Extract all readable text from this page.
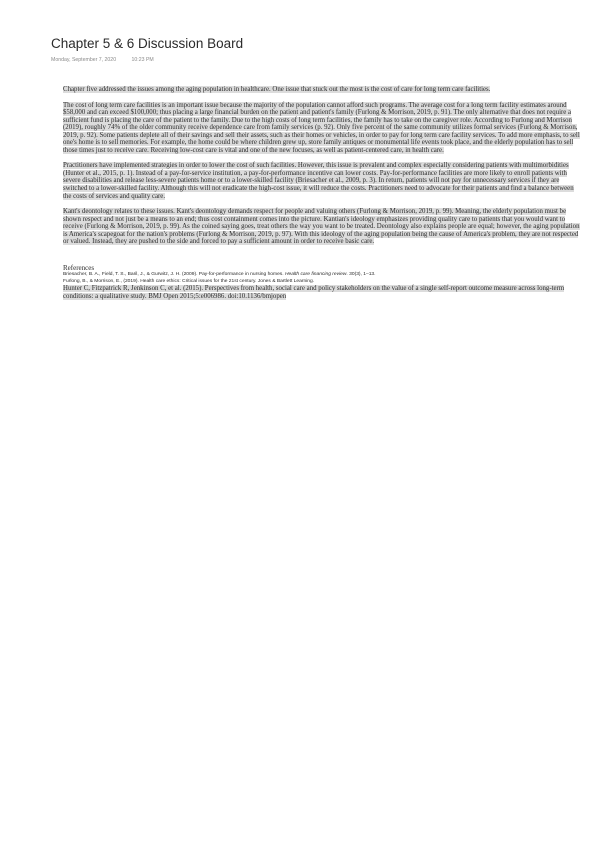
Chapter 5 & 6 Discussion Board
Monday, September 7, 2020	10:23 PM

Chapter five addressed the issues among the aging population in healthcare. One issue that stuck out the most is the cost of care for long term care facilities.

The cost of long term care facilities is an important issue because the majority of the population cannot afford such programs. The average cost for a long term facility estimates around $58,000 and can exceed $100,000; thus placing a large financial burden on the patient and patient's family (Furlong & Morrison, 2019, p. 91). The only alternative that does not require a sufficient fund is placing the care of the patient to the family. Due to the high costs of long term facilities, the family has to take on the caregiver role. According to Furlong and Morrison (2019), roughly 74% of the older community receive dependence care from family services (p. 92). Only five percent of the same community utilizes formal services (Furlong & Morrison, 2019, p. 92). Some patients deplete all of their savings and sell their assets, such as their homes or vehicles, in order to pay for long term care facility services. To add more emphasis, to sell one's home is to sell memories. For example, the home could be where children grew up, store family antiques or monumental life events took place, and the elderly population has to sell those times just to receive care. Receiving low-cost care is vital and one of the new focuses, as well as patient-centered care, in health care.

Practitioners have implemented strategies in order to lower the cost of such facilities. However, this issue is prevalent and complex especially considering patients with multimorbidities (Hunter et al., 2015, p. 1). Instead of a pay-for-service institution, a pay-for-performance incentive can lower costs. Pay-for-performance facilities are more likely to enroll patients with severe disabilities and release less-severe patients home or to a lower-skilled facility (Briesacher et al., 2009, p. 3). In return, patients will not pay for unnecessary services if they are switched to a lower-skilled facility. Although this will not eradicate the high-cost issue, it will reduce the costs. Practitioners need to advocate for their patients and find a balance between the costs of services and quality care.

Kant's deontology relates to these issues. Kant's deontology demands respect for people and valuing others (Furlong & Morrison, 2019, p. 99). Meaning, the elderly population must be shown respect and not just be a means to an end; thus cost containment comes into the picture. Kantian's ideology emphasizes providing quality care to patients that you would want to receive (Furlong & Morrison, 2019, p. 99). As the coined saying goes, treat others the way you want to be treated. Deontology also explains people are equal; however, the aging population is America's scapegoat for the nation's problems (Furlong & Morrison, 2019, p. 97). With this ideology of the aging population being the cause of America's problem, they are not respected or valued. Instead, they are pushed to the side and forced to pay a sufficient amount in order to receive basic care.

References

Briesacher, B. A., Field, T. S., Baril, J., & Gurwitz, J. H. (2009). Pay-for-performance in nursing homes. Health care financing review. 30(3), 1–13.

Furlong, B., & Morrison, E., (2019). Health care ethics: Critical issues for the 21st century. Jones & Bartlett Learning.

Hunter C, Fitzpatrick R, Jenkinson C, et al. (2015). Perspectives from health, social care and policy stakeholders on the value of a single self-report outcome measure across long-term conditions: a qualitative study. BMJ Open 2015;5:e006986. doi:10.1136/bmjopen
